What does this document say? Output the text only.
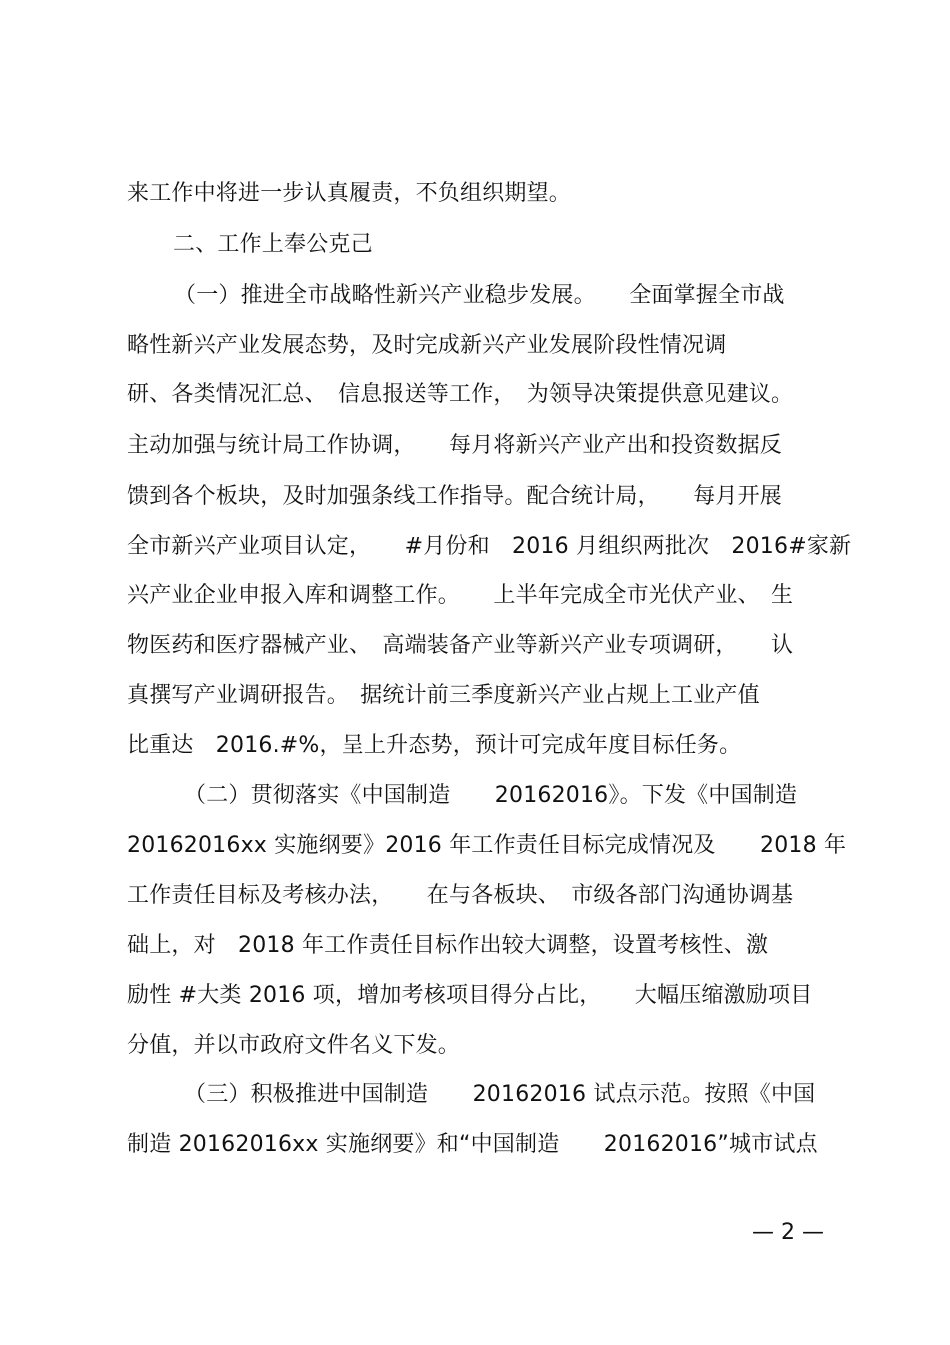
来工作中将进一步认真履责，不负组织期望。
二、工作上奉公克己
（一）推进全市战略性新兴产业稳步发展。　　全面掌握全市战
略性新兴产业发展态势，及时完成新兴产业发展阶段性情况调
研、各类情况汇总、　信息报送等工作，　为领导决策提供意见建议。
主动加强与统计局工作协调，　　每月将新兴产业产出和投资数据反
馈到各个板块，及时加强条线工作指导。配合统计局，　　每月开展
全市新兴产业项目认定，　　#月份和　2016 月组织两批次　2016#家新
兴产业企业申报入库和调整工作。　　上半年完成全市光伏产业、　生
物医药和医疗器械产业、　高端装备产业等新兴产业专项调研，　　认
真撰写产业调研报告。　据统计前三季度新兴产业占规上工业产值
比重达　2016.#%，呈上升态势，预计可完成年度目标任务。
（二）贯彻落实《中国制造　　20162016》。下发《中国制造
20162016xx 实施纲要》2016 年工作责任目标完成情况及　　2018 年
工作责任目标及考核办法，　　在与各板块、　市级各部门沟通协调基
础上，对　2018 年工作责任目标作出较大调整，设置考核性、激
励性 #大类 2016 项，增加考核项目得分占比，　　大幅压缩激励项目
分值，并以市政府文件名义下发。
（三）积极推进中国制造　　20162016 试点示范。按照《中国
制造 20162016xx 实施纲要》和“中国制造　　20162016”城市试点
— 2 —
